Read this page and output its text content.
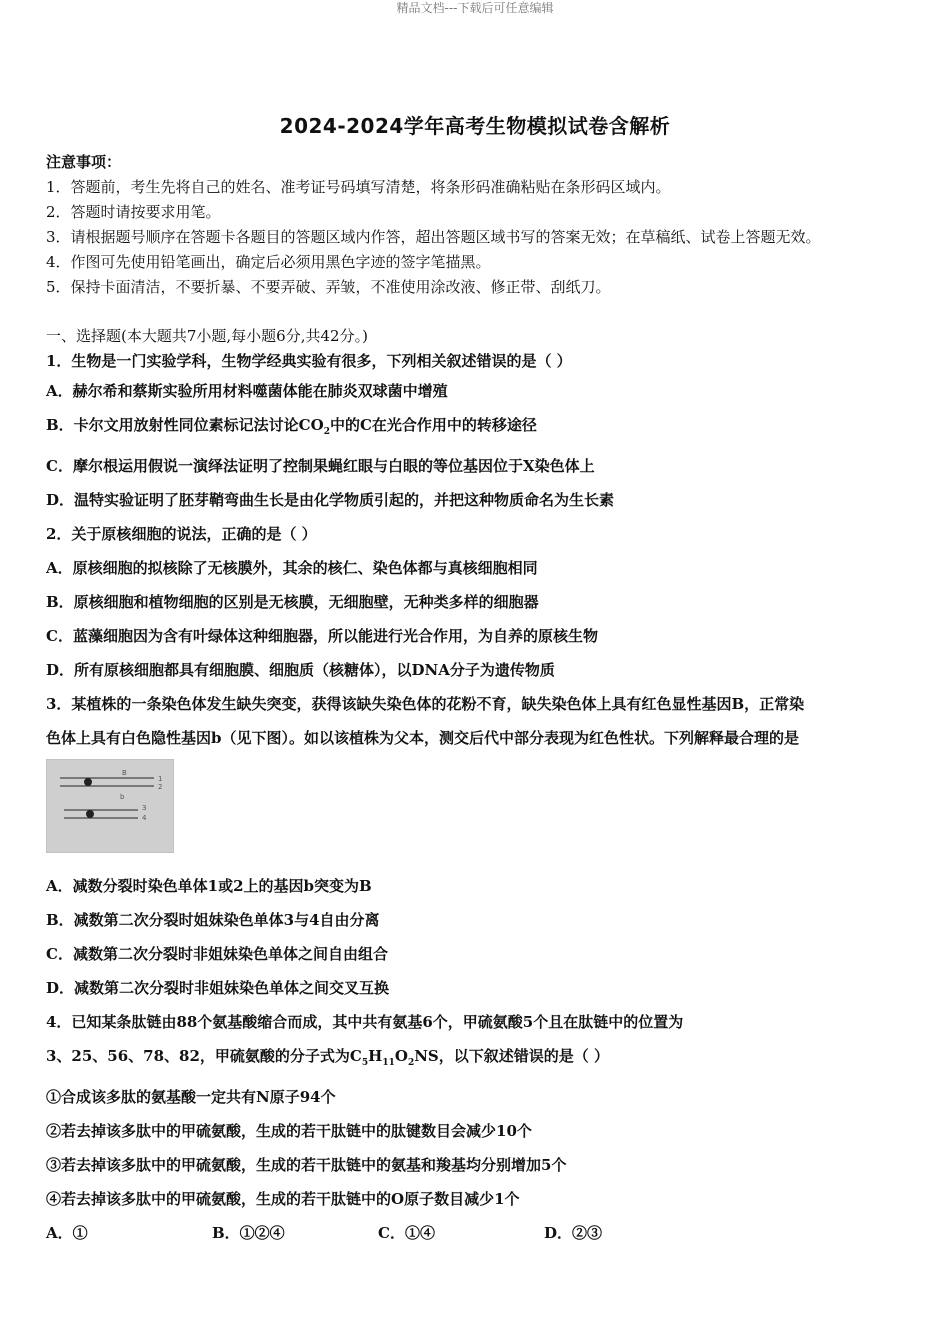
精品文档---下载后可任意编辑
2024-2024学年高考生物模拟试卷含解析
注意事项：
1．答题前，考生先将自己的姓名、准考证号码填写清楚，将条形码准确粘贴在条形码区域内。
2．答题时请按要求用笔。
3．请根据题号顺序在答题卡各题目的答题区域内作答，超出答题区域书写的答案无效；在草稿纸、试卷上答题无效。
4．作图可先使用铅笔画出，确定后必须用黑色字迹的签字笔描黑。
5．保持卡面清洁，不要折暴、不要弄破、弄皱，不准使用涂改液、修正带、刮纸刀。
一、选择题(本大题共7小题,每小题6分,共42分。)
1．生物是一门实验学科，生物学经典实验有很多，下列相关叙述错误的是（ ）
A．赫尔希和蔡斯实验所用材料噬菌体能在肺炎双球菌中增殖
B．卡尔文用放射性同位素标记法讨论$CO_2$中的C在光合作用中的转移途径
C．摩尔根运用假说一演绎法证明了控制果蝇红眼与白眼的等位基因位于X染色体上
D．温特实验证明了胚芽鞘弯曲生长是由化学物质引起的，并把这种物质命名为生长素
2．关于原核细胞的说法，正确的是（ ）
A．原核细胞的拟核除了无核膜外，其余的核仁、染色体都与真核细胞相同
B．原核细胞和植物细胞的区别是无核膜，无细胞壁，无种类多样的细胞器
C．蓝藻细胞因为含有叶绿体这种细胞器，所以能进行光合作用，为自养的原核生物
D．所有原核细胞都具有细胞膜、细胞质（核糖体），以DNA分子为遗传物质
3．某植株的一条染色体发生缺失突变，获得该缺失染色体的花粉不育，缺失染色体上具有红色显性基因B，正常染
色体上具有白色隐性基因b（见下图）。如以该植株为父本，测交后代中部分表现为红色性状。下列解释最合理的是
B
1
2
b
3
4
A．减数分裂时染色单体1或2上的基因b突变为B
B．减数第二次分裂时姐妹染色单体3与4自由分离
C．减数第二次分裂时非姐妹染色单体之间自由组合
D．减数第二次分裂时非姐妹染色单体之间交叉互换
4．已知某条肽链由88个氨基酸缩合而成，其中共有氨基6个，甲硫氨酸5个且在肽链中的位置为
3、25、56、78、82，甲硫氨酸的分子式为$C_5H_{11}O_2NS$，以下叙述错误的是（ ）
①合成该多肽的氨基酸一定共有N原子94个
②若去掉该多肽中的甲硫氨酸，生成的若干肽链中的肽键数目会减少10个
③若去掉该多肽中的甲硫氨酸，生成的若干肽链中的氨基和羧基均分别增加5个
④若去掉该多肽中的甲硫氨酸，生成的若干肽链中的O原子数目减少1个
A．①	B．①②④	C．①④	D．②③
